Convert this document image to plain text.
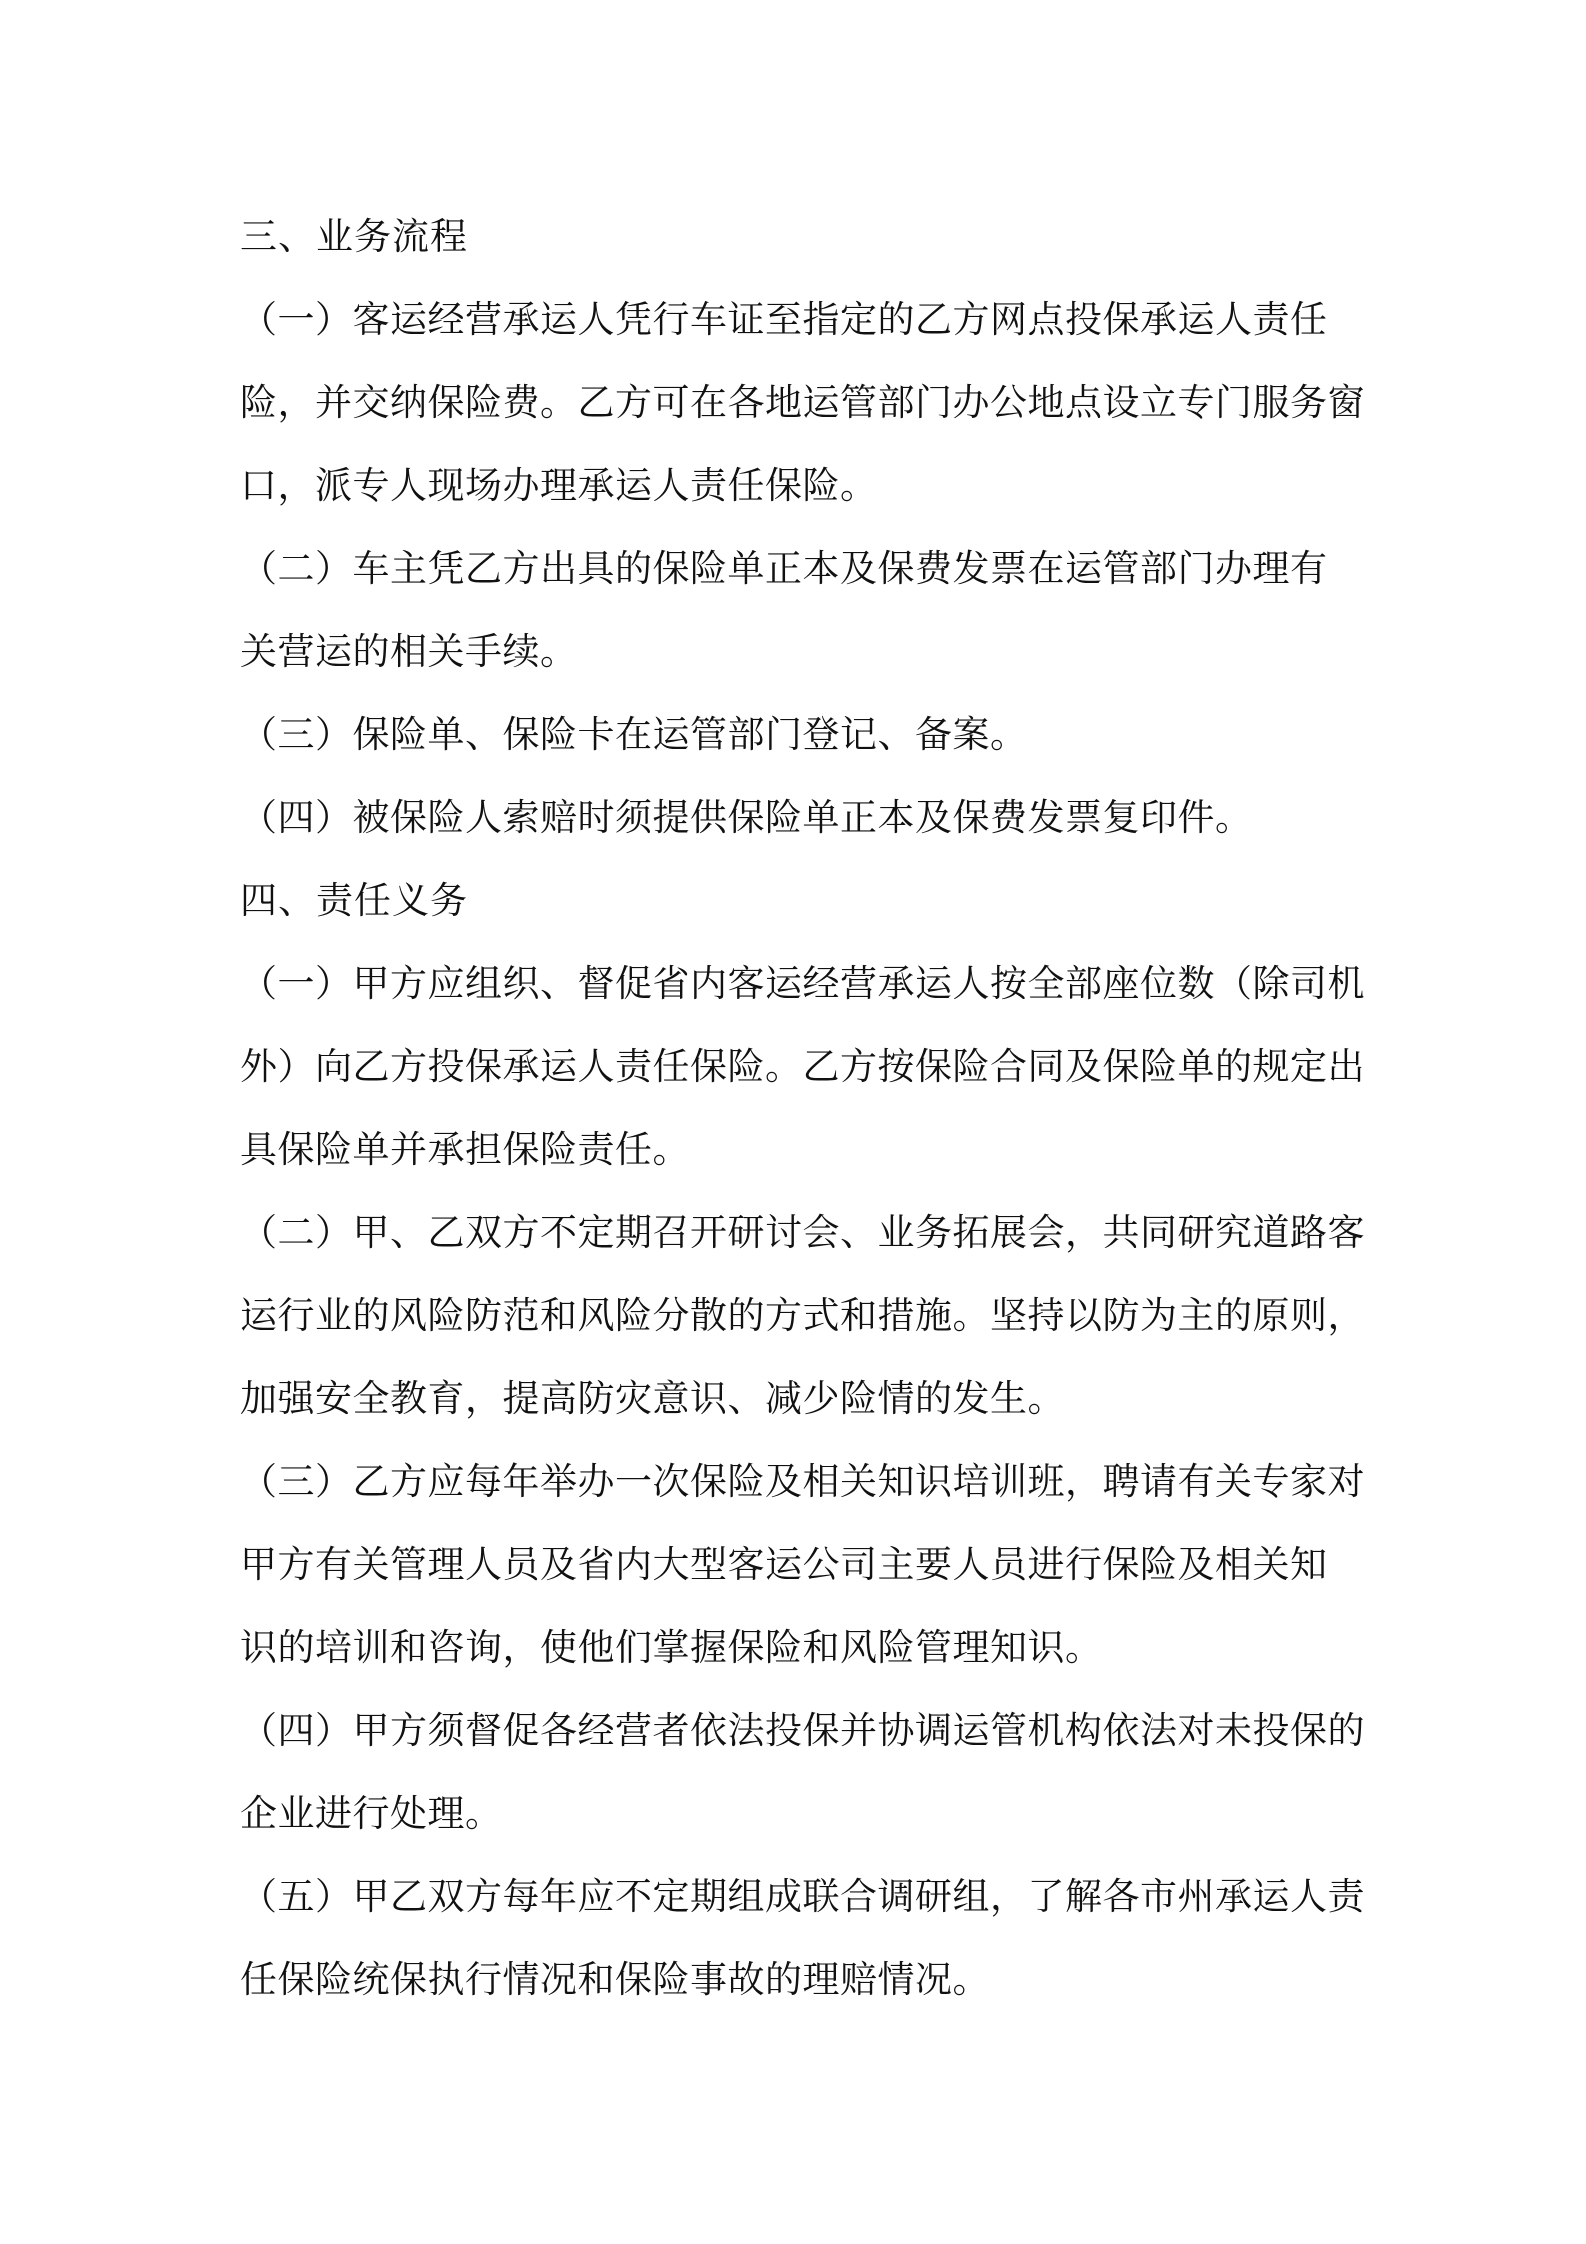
三、业务流程
（一）客运经营承运人凭行车证至指定的乙方网点投保承运人责任
险，并交纳保险费。乙方可在各地运管部门办公地点设立专门服务窗
口，派专人现场办理承运人责任保险。
（二）车主凭乙方出具的保险单正本及保费发票在运管部门办理有
关营运的相关手续。
（三）保险单、保险卡在运管部门登记、备案。
（四）被保险人索赔时须提供保险单正本及保费发票复印件。
四、责任义务
（一）甲方应组织、督促省内客运经营承运人按全部座位数（除司机
外）向乙方投保承运人责任保险。乙方按保险合同及保险单的规定出
具保险单并承担保险责任。
（二）甲、乙双方不定期召开研讨会、业务拓展会，共同研究道路客
运行业的风险防范和风险分散的方式和措施。坚持以防为主的原则，
加强安全教育，提高防灾意识、减少险情的发生。
（三）乙方应每年举办一次保险及相关知识培训班，聘请有关专家对
甲方有关管理人员及省内大型客运公司主要人员进行保险及相关知
识的培训和咨询，使他们掌握保险和风险管理知识。
（四）甲方须督促各经营者依法投保并协调运管机构依法对未投保的
企业进行处理。
（五）甲乙双方每年应不定期组成联合调研组，了解各市州承运人责
任保险统保执行情况和保险事故的理赔情况。
